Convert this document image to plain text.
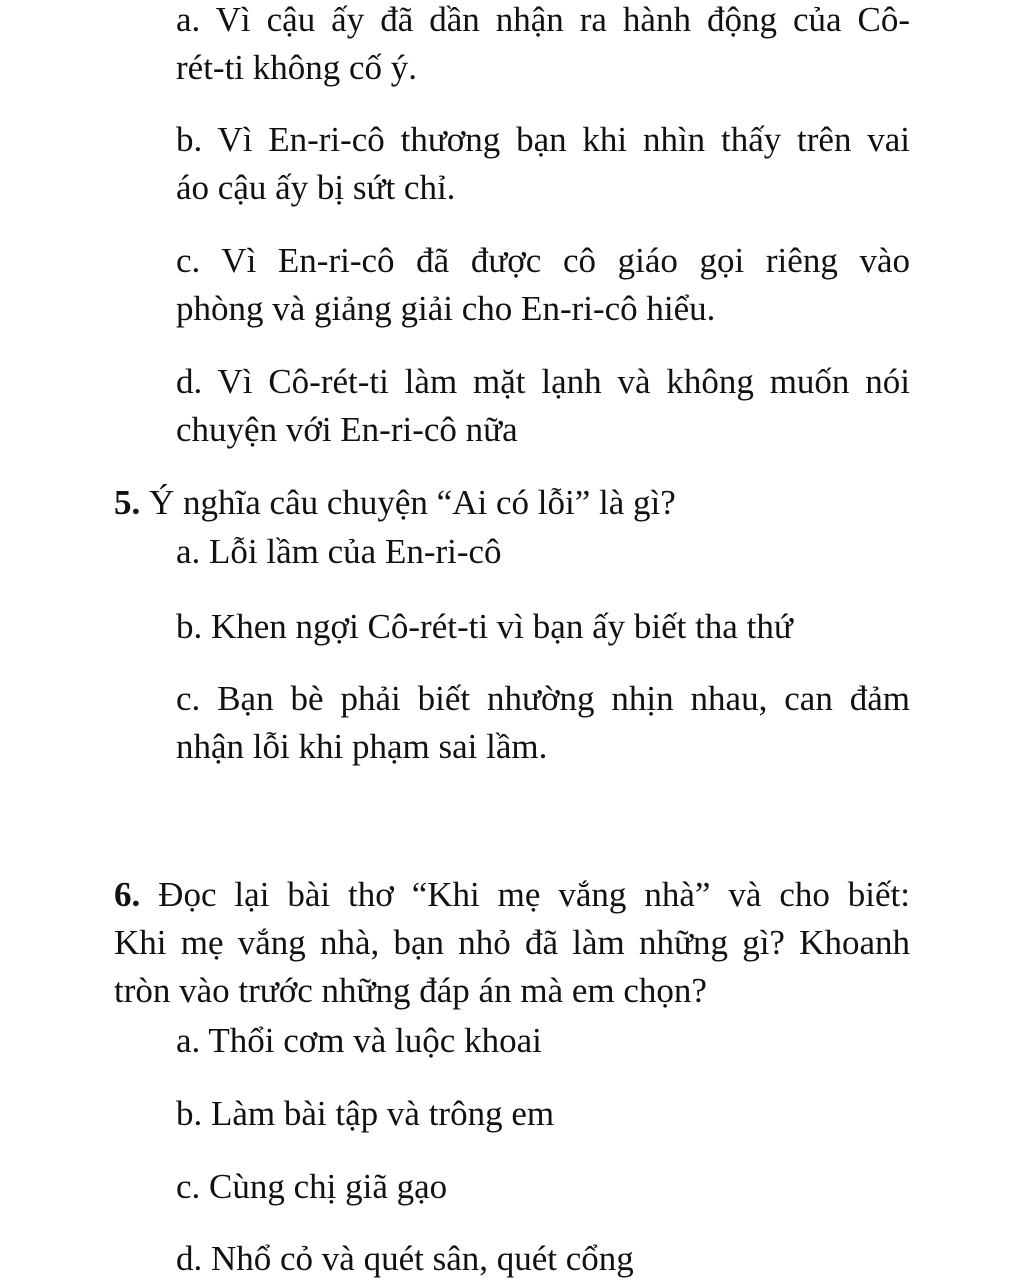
a. Vì cậu ấy đã dần nhận ra hành động của Cô-
rét-ti không cố ý.
b. Vì En-ri-cô thương bạn khi nhìn thấy trên vai
áo cậu ấy bị sứt chỉ.
c. Vì En-ri-cô đã được cô giáo gọi riêng vào
phòng và giảng giải cho En-ri-cô hiểu.
d. Vì Cô-rét-ti làm mặt lạnh và không muốn nói
chuyện với En-ri-cô nữa
5. Ý nghĩa câu chuyện “Ai có lỗi” là gì?
a. Lỗi lầm của En-ri-cô
b. Khen ngợi Cô-rét-ti vì bạn ấy biết tha thứ
c. Bạn bè phải biết nhường nhịn nhau, can đảm
nhận lỗi khi phạm sai lầm.
6. Đọc lại bài thơ “Khi mẹ vắng nhà” và cho biết:
Khi mẹ vắng nhà, bạn nhỏ đã làm những gì? Khoanh
tròn vào trước những đáp án mà em chọn?
a. Thổi cơm và luộc khoai
b. Làm bài tập và trông em
c. Cùng chị giã gạo
d. Nhổ cỏ và quét sân, quét cổng
